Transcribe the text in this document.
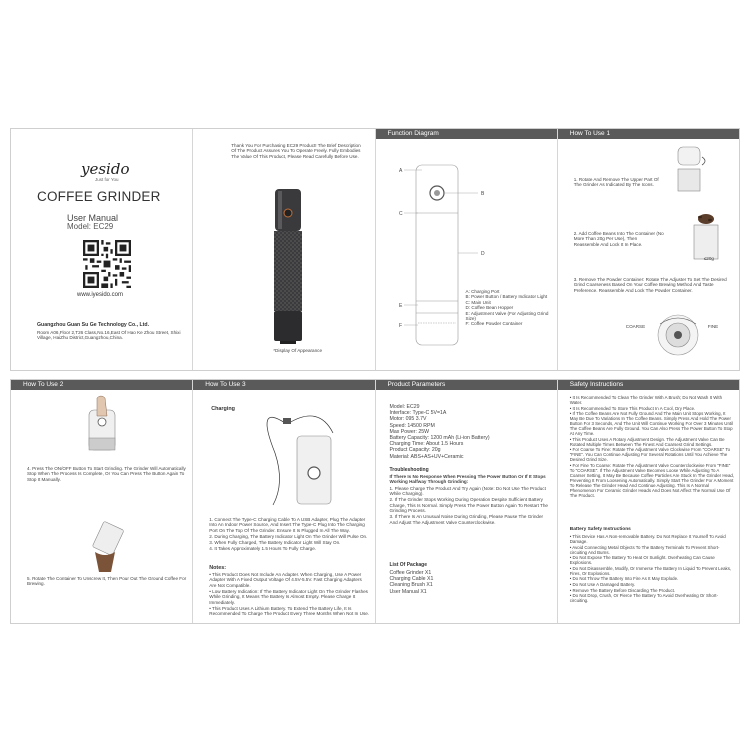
yesido
Just for You
COFFEE GRINDER
User Manual
Model: EC29
www.iyesido.com
Guangzhou Guan Su Ge Technology Co., Ltd.
Room A06,Floor 2,T26 Class,No.16,East Of Hao Ke Zhou Street, Shixi Village, HaiZhu District,Guangzhou,China.
Thank You For Purchasing EC29 Product! The Brief Description Of The Product Assures You To Operate Freely. Fully Embodies The Value Of This Product, Please Read Carefully Before Use.
*Display Of Appearance
Function Diagram
A
B
C
D
E
F
A: Charging Port
B: Power Button / Battery Indicator Light
C: Main Unit
D: Coffee Bean Hopper
E: Adjustment Valve (For Adjusting Grind Size)
F: Coffee Powder Container
How To Use 1
1. Rotate And Remove The Upper Part Of The Grinder As Indicated By The Icons.
≤20g
2. Add Coffee Beans Into The Container (No More Than 20g Per Use), Then Reassemble And Lock It In Place.
3. Remove The Powder Container: Rotate The Adjuster To Set The Desired Grind Coarseness Based On Your Coffee Brewing Method And Taste Preference. Reassemble And Lock The Powder Container.
COARSE	FINE
How To Use 2
4. Press The ON/OFF Button To Start Grinding. The Grinder Will Automatically Stop When The Process Is Complete, Or You Can Press The Button Again To Stop It Manually.
5. Rotate The Container To Unscrew It, Then Pour Out The Ground Coffee For Brewing.
How To Use 3
Charging
1. Connect The Type-C Charging Cable To A USB Adapter, Plug The Adapter Into An Indoor Power Source, And Insert The Type-C Plug Into The Charging Port On The Top Of The Grinder. Ensure It Is Plugged In All The Way.
2. During Charging, The Battery Indicator Light On The Grinder Will Pulse On.
3. When Fully Charged, The Battery Indicator Light Will Stay On.
4. It Takes Approximately 1.5 Hours To Fully Charge.
Notes:
• This Product Does Not Include An Adapter. When Charging, Use A Power Adapter With A Fixed Output Voltage Of 4.5V-5.5V. Fast Charging Adapters Are Not Compatible.
• Low Battery Indication: If The Battery Indicator Light On The Grinder Flashes While Grinding, It Means The Battery Is Almost Empty. Please Charge It Immediately.
• This Product Uses A Lithium Battery. To Extend The Battery Life, It Is Recommended To Charge The Product Every Three Months When Not In Use.
Product Parameters
Model: EC29
Interface: Type-C 5V=1A
Motor: 095 3.7V
Speed: 14500 RPM
Max Power: 25W
Battery Capacity: 1200 mAh (Li-ion Battery)
Charging Time: About 1.5 Hours
Product Capacity: 20g
Material: ABS+AS+UV+Ceramic
Troubleshooting
If There Is No Response When Pressing The Power Button Or If It Stops Working Halfway Through Grinding:
1. Please Charge The Product And Try Again (Note: Do Not Use The Product While Charging).
2. If The Grinder Stops Working During Operation Despite Sufficient Battery Charge, This Is Normal. Simply Press The Power Button Again To Restart The Grinding Process.
3. If There Is An Unusual Noise During Grinding, Please Pause The Grinder And Adjust The Adjustment Valve Counterclockwise.
List Of Package
Coffee Grinder X1
Charging Cable X1
Cleaning Brush X1
User Manual X1
Safety Instructions
• It Is Recommended To Clean The Grinder With A Brush; Do Not Wash It With Water.
• It Is Recommended To Store This Product In A Cool, Dry Place.
• If The Coffee Beans Are Not Fully Ground And The Main Unit Stops Working, It May Be Due To Variations In The Coffee Beans. Simply Press And Hold The Power Button For 3 Seconds, And The Unit Will Continue Working For Over 3 Minutes Until The Coffee Beans Are Fully Ground. You Can Also Press The Power Button To Stop At Any Time.
• This Product Uses A Rotary Adjustment Design. The Adjustment Valve Can Be Rotated Multiple Times Between The Finest And Coarsest Grind Settings.
• For Coarse To Fine: Rotate The Adjustment Valve Clockwise From "COARSE" To "FINE". You Can Continue Adjusting For Several Rotations Until You Achieve The Desired Grind Size.
• For Fine To Coarse: Rotate The Adjustment Valve Counterclockwise From "FINE" To "COARSE". If The Adjustment Valve Becomes Loose While Adjusting To A Coarser Setting, It May Be Because Coffee Particles Are Stuck In The Grinder Head, Preventing It From Loosening Automatically. Simply Start The Grinder For A Moment To Release The Grinder Head And Continue Adjusting. This Is A Normal Phenomenon For Ceramic Grinder Heads And Does Not Affect The Normal Use Of The Product.
Battery Safety Instructions
• This Device Has A Non-removable Battery. Do Not Replace It Yourself To Avoid Damage.
• Avoid Connecting Metal Objects To The Battery Terminals To Prevent Short-circuiting And Burns.
• Do Not Expose The Battery To Heat Or Sunlight. Overheating Can Cause Explosions.
• Do Not Disassemble, Modify, Or Immerse The Battery In Liquid To Prevent Leaks, Fires, Or Explosions.
• Do Not Throw The Battery Into Fire As It May Explode.
• Do Not Use A Damaged Battery.
• Remove The Battery Before Discarding The Product.
• Do Not Drop, Crush, Or Pierce The Battery To Avoid Overheating Or Short-circuiting.
